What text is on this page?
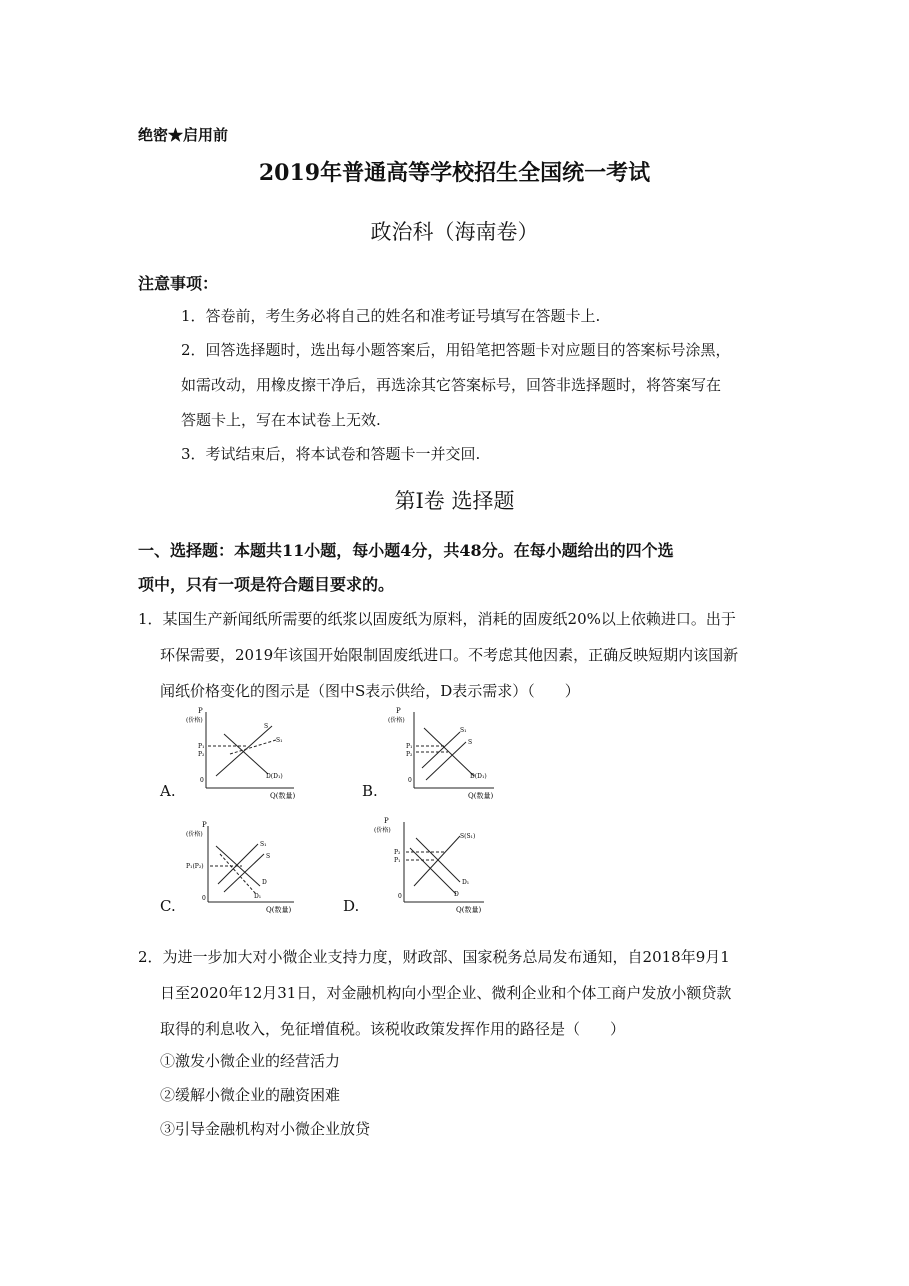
绝密★启用前
2019年普通高等学校招生全国统一考试
政治科（海南卷）
注意事项：
1．答卷前，考生务必将自己的姓名和准考证号填写在答题卡上.
2．回答选择题时，选出每小题答案后，用铅笔把答题卡对应题目的答案标号涂黑，
如需改动，用橡皮擦干净后，再选涂其它答案标号，回答非选择题时，将答案写在
答题卡上，写在本试卷上无效.
3．考试结束后，将本试卷和答题卡一并交回.
第Ⅰ卷 选择题
一、选择题：本题共11小题，每小题4分，共48分。在每小题给出的四个选
项中，只有一项是符合题目要求的。
1．某国生产新闻纸所需要的纸浆以固废纸为原料，消耗的固废纸20%以上依赖进口。出于
环保需要，2019年该国开始限制固废纸进口。不考虑其他因素，正确反映短期内该国新
闻纸价格变化的图示是（图中S表示供给，D表示需求）（　　）
A.
P
(价格)
S
S₁
P₁
P₂
D(D₁)
0
Q(数量)	B.
P
(价格)
S₁
S
P₁
P₂
D(D₁)
0
Q(数量)
C.
P
(价格)
S₁
S
P₁(P₂)
D
D₁
0
Q(数量)	D.
P
(价格)
S(S₁)
P₂
P₁
D₁
D
0
Q(数量)
2．为进一步加大对小微企业支持力度，财政部、国家税务总局发布通知，自2018年9月1
日至2020年12月31日，对金融机构向小型企业、微利企业和个体工商户发放小额贷款
取得的利息收入，免征增值税。该税收政策发挥作用的路径是（　　）
①激发小微企业的经营活力
②缓解小微企业的融资困难
③引导金融机构对小微企业放贷
